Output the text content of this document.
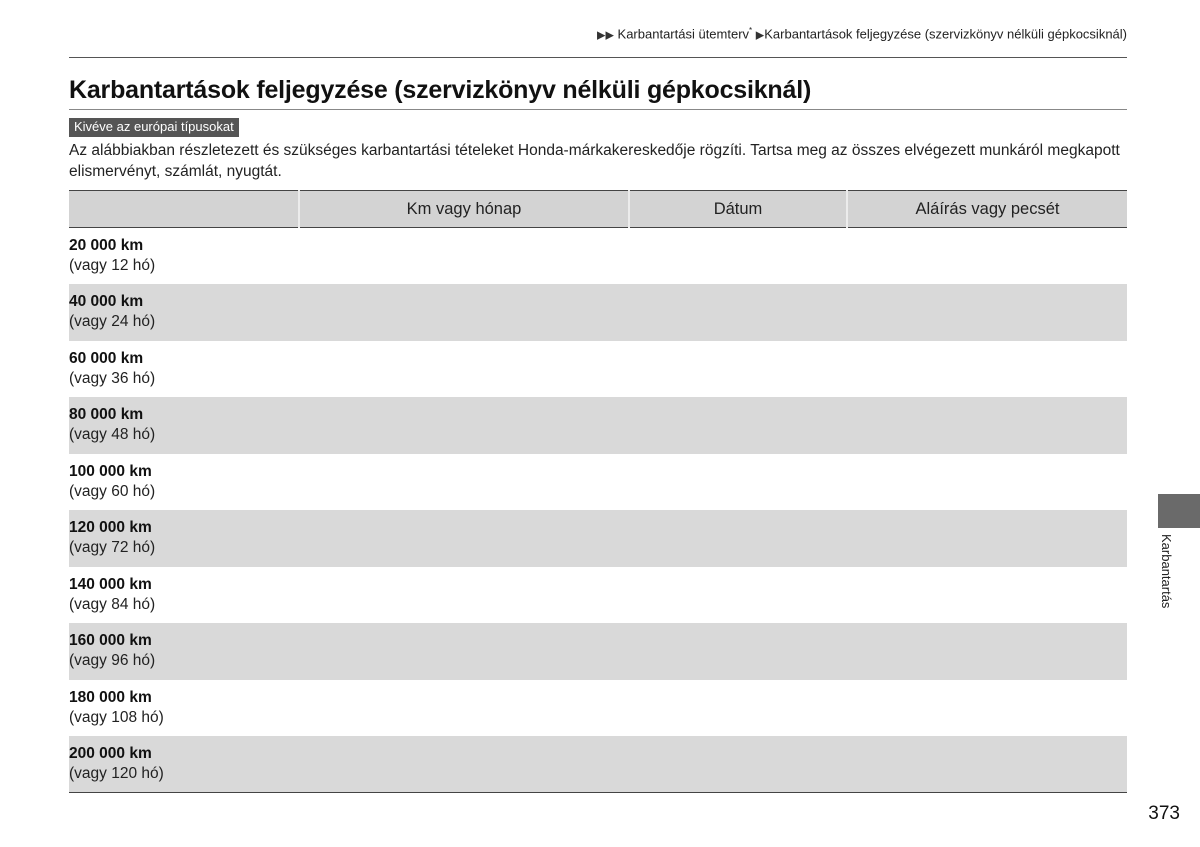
▶▶ Karbantartási ütemterv* ▶Karbantartások feljegyzése (szervizkönyv nélküli gépkocsiknál)
Karbantartások feljegyzése (szervizkönyv nélküli gépkocsiknál)
Kivéve az európai típusokat

Az alábbiakban részletezett és szükséges karbantartási tételeket Honda-márkakereskedője rögzíti. Tartsa meg az összes elvégezett munkáról megkapott elismervényt, számlát, nyugtát.

	Km vagy hónap	Dátum	Aláírás vagy pecsét

20 000 km
(vagy 12 hó)			

40 000 km
(vagy 24 hó)			

60 000 km
(vagy 36 hó)			

80 000 km
(vagy 48 hó)			

100 000 km
(vagy 60 hó)			

120 000 km
(vagy 72 hó)			

140 000 km
(vagy 84 hó)			

160 000 km
(vagy 96 hó)			

180 000 km
(vagy 108 hó)			

200 000 km
(vagy 120 hó)			

Karbantartás
373
